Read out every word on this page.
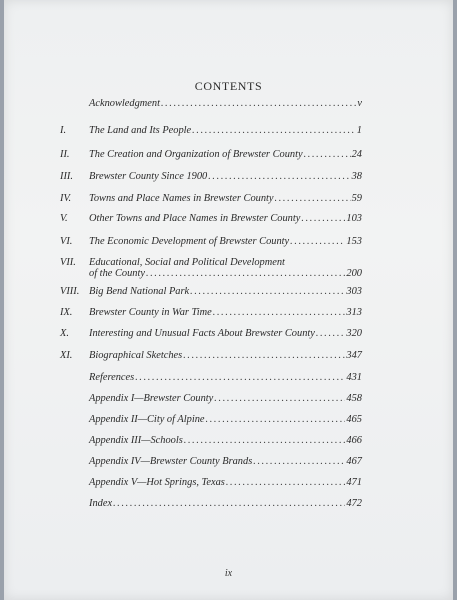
CONTENTS
Acknowledgment .....	v
I. The Land and Its People .....	1
II. The Creation and Organization of Brewster County .....	24
III. Brewster County Since 1900 .....	38
IV. Towns and Place Names in Brewster County .....	59
V. Other Towns and Place Names in Brewster County .....	103
VI. The Economic Development of Brewster County .....	153
VII. Educational, Social and Political Development
of the County .....	200
VIII. Big Bend National Park .....	303
IX. Brewster County in War Time .....	313
X. Interesting and Unusual Facts About Brewster County .....	320
XI. Biographical Sketches .....	347
References .....	431
Appendix I—Brewster County .....	458
Appendix II—City of Alpine .....	465
Appendix III—Schools .....	466
Appendix IV—Brewster County Brands .....	467
Appendix V—Hot Springs, Texas .....	471
Index .....	472
ix
